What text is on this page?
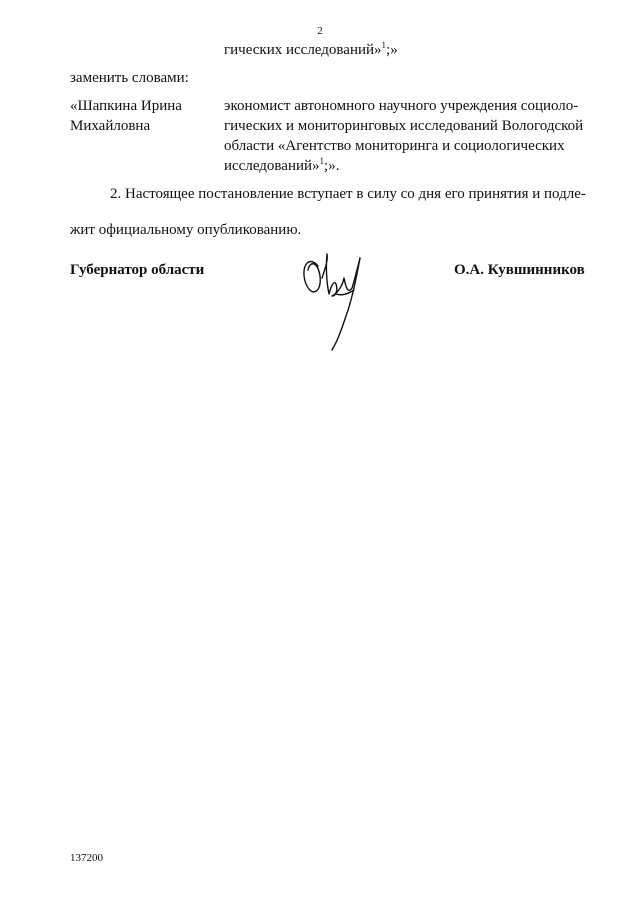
2
гических исследований»$^1$;»
заменить словами:
«Шапкина Ирина
Михайловна
экономист автономного научного учреждения социоло-
гических и мониторинговых исследований Вологодской
области «Агентство мониторинга и социологических
исследований»$^1$;».
2. Настоящее постановление вступает в силу со дня его принятия и подле-
жит официальному опубликованию.
Губернатор области	О.А. Кувшинников
137200
